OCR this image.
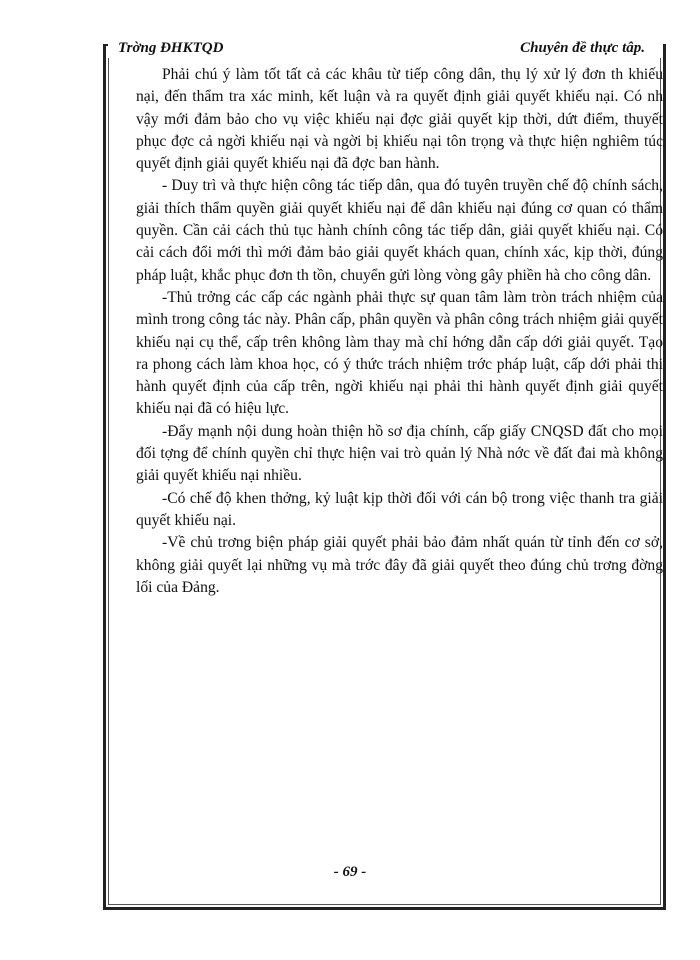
Trờng ĐHKTQD	Chuyên đề thực tâp.

Phải chú ý làm tốt tất cả các khâu từ tiếp công dân, thụ lý xử lý đơn th khiếu nại, đến thẩm tra xác minh, kết luận và ra quyết định giải quyết khiếu nại. Có nh vậy mới đảm bảo cho vụ việc khiếu nại đợc giải quyết kịp thời, dứt điểm, thuyết phục đợc cả ngời khiếu nại và ngời bị khiếu nại tôn trọng và thực hiện nghiêm túc quyết định giải quyết khiếu nại đã đợc ban hành.

- Duy trì và thực hiện công tác tiếp dân, qua đó tuyên truyền chế độ chính sách, giải thích thẩm quyền giải quyết khiếu nại để dân khiếu nại đúng cơ quan có thẩm quyền. Cần cải cách thủ tục hành chính công tác tiếp dân, giải quyết khiếu nại. Có cải cách đổi mới thì mới đảm bảo giải quyết khách quan, chính xác, kịp thời, đúng pháp luật, khắc phục đơn th tồn, chuyển gửi lòng vòng gây phiền hà cho công dân.

-Thủ trởng các cấp các ngành phải thực sự quan tâm làm tròn trách nhiệm của mình trong công tác này. Phân cấp, phân quyền và phân công trách nhiệm giải quyết khiếu nại cụ thể, cấp trên không làm thay mà chỉ hớng dẫn cấp dới giải quyết. Tạo ra phong cách làm khoa học, có ý thức trách nhiệm trớc pháp luật, cấp dới phải thi hành quyết định của cấp trên, ngời khiếu nại phải thi hành quyết định giải quyết khiếu nại đã có hiệu lực.

-Đẩy mạnh nội dung hoàn thiện hồ sơ địa chính, cấp giấy CNQSD đất cho mọi đối tợng để chính quyền chỉ thực hiện vai trò quản lý Nhà nớc về đất đai mà không giải quyết khiếu nại nhiều.

-Có chế độ khen thởng, kỷ luật kịp thời đối với cán bộ trong việc thanh tra giải quyết khiếu nại.

-Về chủ trơng biện pháp giải quyết phải bảo đảm nhất quán từ tỉnh đến cơ sở, không giải quyết lại những vụ mà trớc đây đã giải quyết theo đúng chủ trơng đờng lối của Đảng.

- 69 -
